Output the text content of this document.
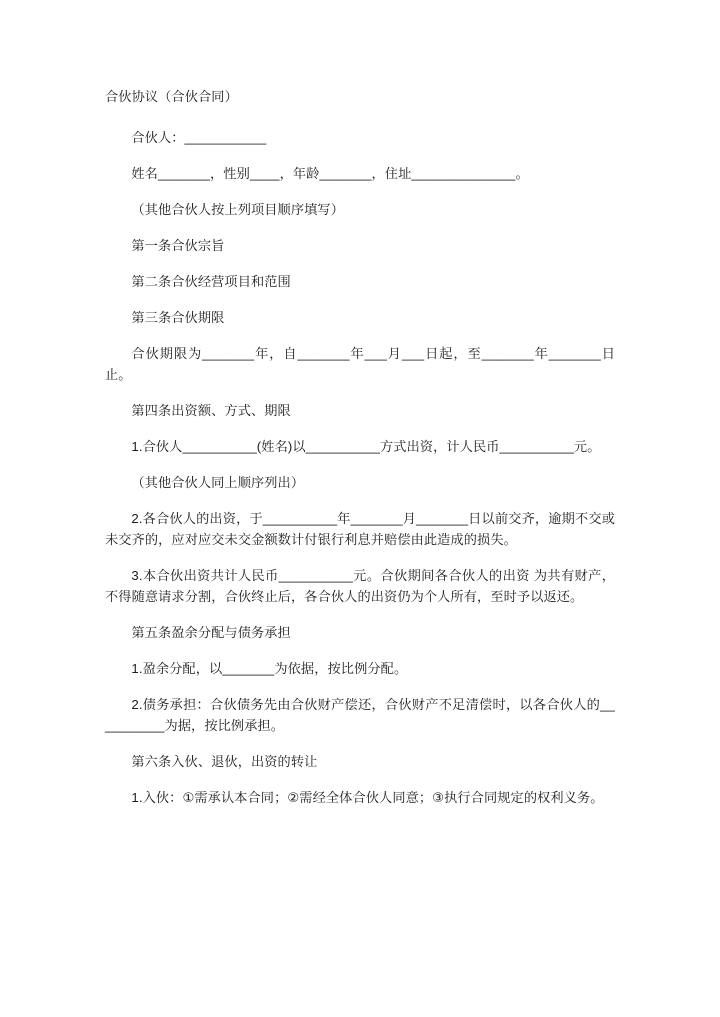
合伙协议（合伙合同）

合伙人：___________

姓名_______，性别____，年龄_______，住址______________。

（其他合伙人按上列项目顺序填写）

第一条合伙宗旨

第二条合伙经营项目和范围

第三条合伙期限

合伙期限为_______年，自_______年___月___日起，至_______年_______日止。

第四条出资额、方式、期限

1.合伙人__________(姓名)以__________方式出资，计人民币__________元。

（其他合伙人同上顺序列出）

2.各合伙人的出资，于__________年_______月_______日以前交齐，逾期不交或未交齐的，应对应交未交金额数计付银行利息并赔偿由此造成的损失。

3.本合伙出资共计人民币__________元。合伙期间各合伙人的出资 为共有财产，不得随意请求分割，合伙终止后，各合伙人的出资仍为个人所有，至时予以返还。

第五条盈余分配与债务承担

1.盈余分配，以_______为依据，按比例分配。

2.债务承担：合伙债务先由合伙财产偿还，合伙财产不足清偿时，以各合伙人的__________为据，按比例承担。

第六条入伙、退伙，出资的转让

1.入伙：①需承认本合同；②需经全体合伙人同意；③执行合同规定的权利义务。
